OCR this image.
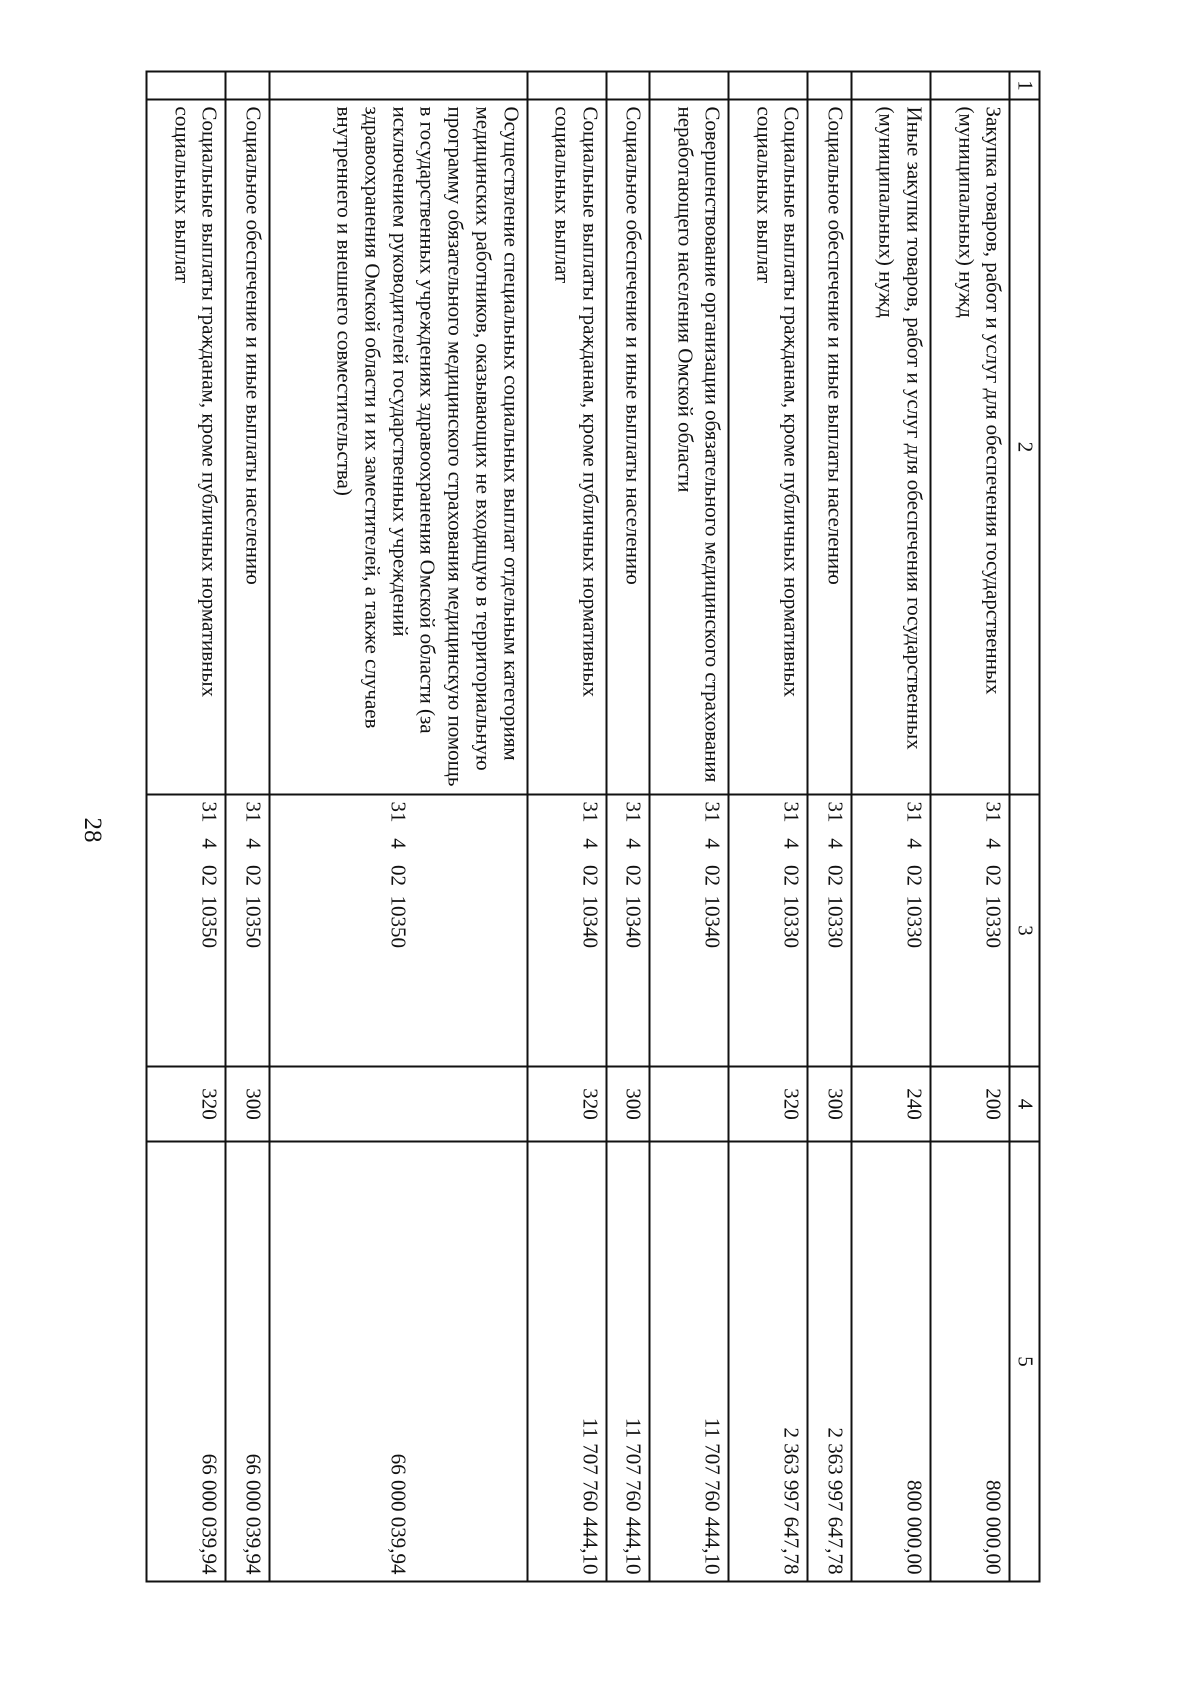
28
1	2	3	4	5
	Закупка товаров, работ и услуг для обеспечения государственных (муниципальных) нужд	3140210330	200	800 000,00
	Иные закупки товаров, работ и услуг для обеспечения государственных (муниципальных) нужд	3140210330	240	800 000,00
	Социальное обеспечение и иные выплаты населению	3140210330	300	2 363 997 647,78
	Социальные выплаты гражданам, кроме публичных нормативных социальных выплат	3140210330	320	2 363 997 647,78
	Совершенствование организации обязательного медицинского страхования неработающего населения Омской области	3140210340		11 707 760 444,10
	Социальное обеспечение и иные выплаты населению	3140210340	300	11 707 760 444,10
	Социальные выплаты гражданам, кроме публичных нормативных социальных выплат	3140210340	320	11 707 760 444,10
	Осуществление специальных социальных выплат отдельным категориям медицинских работников, оказывающих не входящую в территориальную программу обязательного медицинского страхования медицинскую помощь в государственных учреждениях здравоохранения Омской области (за исключением руководителей государственных учреждений здравоохранения Омской области и их заместителей, а также случаев внутреннего и внешнего совместительства)	3140210350		66 000 039,94
	Социальное обеспечение и иные выплаты населению	3140210350	300	66 000 039,94
	Социальные выплаты гражданам, кроме публичных нормативных социальных выплат	3140210350	320	66 000 039,94
